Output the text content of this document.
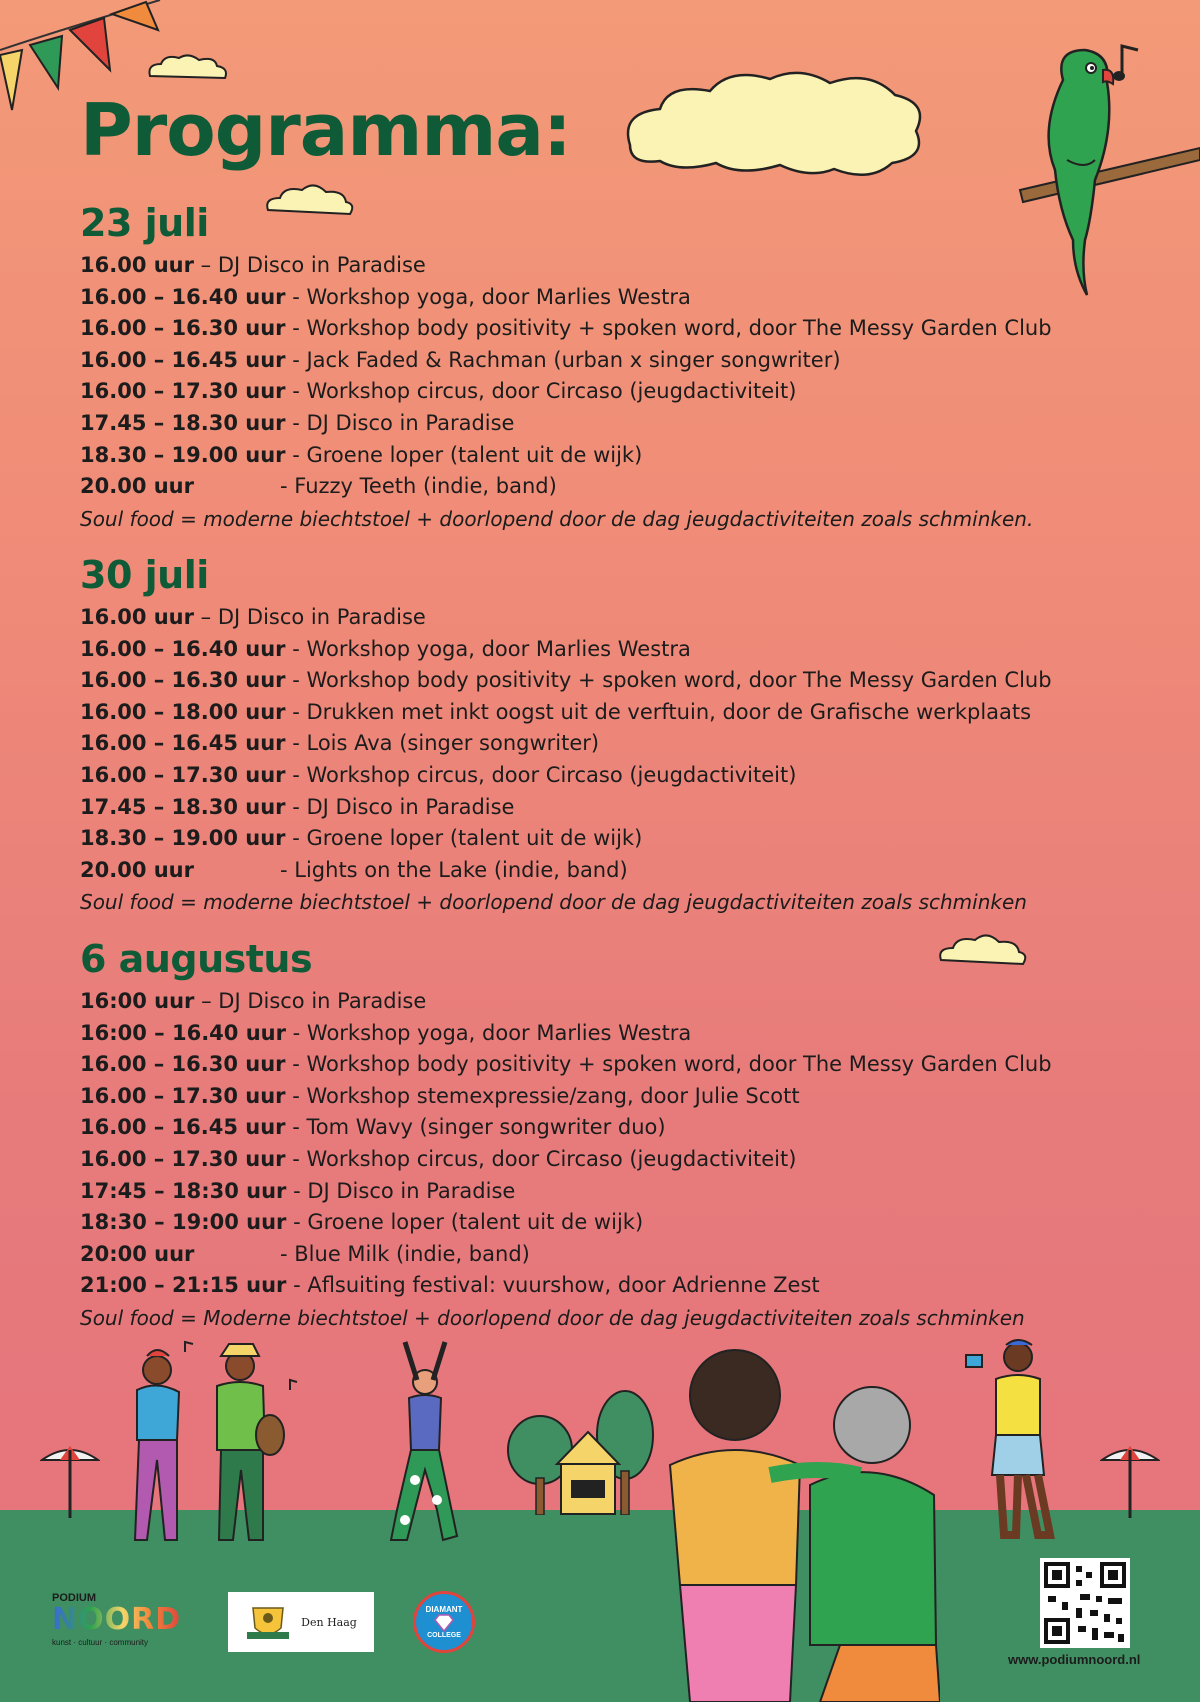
Programma:
23 juli
16.00 uur – DJ Disco in Paradise
16.00 – 16.40 uur - Workshop yoga, door Marlies Westra
16.00 – 16.30 uur - Workshop body positivity + spoken word, door The Messy Garden Club
16.00 – 16.45 uur - Jack Faded & Rachman (urban x singer songwriter)
16.00 – 17.30 uur - Workshop circus, door Circaso (jeugdactiviteit)
17.45 – 18.30 uur - DJ Disco in Paradise
18.30 – 19.00 uur - Groene loper (talent uit de wijk)
20.00 uur	- Fuzzy Teeth (indie, band)
Soul food = moderne biechtstoel + doorlopend door de dag jeugdactiviteiten zoals schminken.
30 juli
16.00 uur – DJ Disco in Paradise
16.00 – 16.40 uur - Workshop yoga, door Marlies Westra
16.00 – 16.30 uur - Workshop body positivity + spoken word, door The Messy Garden Club
16.00 – 18.00 uur - Drukken met inkt oogst uit de verftuin, door de Grafische werkplaats
16.00 – 16.45 uur - Lois Ava (singer songwriter)
16.00 – 17.30 uur - Workshop circus, door Circaso (jeugdactiviteit)
17.45 – 18.30 uur - DJ Disco in Paradise
18.30 – 19.00 uur - Groene loper (talent uit de wijk)
20.00 uur	- Lights on the Lake (indie, band)
Soul food = moderne biechtstoel + doorlopend door de dag jeugdactiviteiten zoals schminken
6 augustus
16:00 uur – DJ Disco in Paradise
16:00 – 16.40 uur - Workshop yoga, door Marlies Westra
16.00 – 16.30 uur - Workshop body positivity + spoken word, door The Messy Garden Club
16.00 – 17.30 uur - Workshop stemexpressie/zang, door Julie Scott
16.00 – 16.45 uur - Tom Wavy (singer songwriter duo)
16.00 – 17.30 uur - Workshop circus, door Circaso (jeugdactiviteit)
17:45 – 18:30 uur - DJ Disco in Paradise
18:30 – 19:00 uur - Groene loper (talent uit de wijk)
20:00 uur	- Blue Milk (indie, band)
21:00 – 21:15 uur - Aflsuiting festival: vuurshow, door Adrienne Zest
Soul food = Moderne biechtstoel + doorlopend door de dag jeugdactiviteiten zoals schminken
PODIUM
NOORD
kunst · cultuur · community
Den Haag
DIAMANT
COLLEGE
www.podiumnoord.nl
